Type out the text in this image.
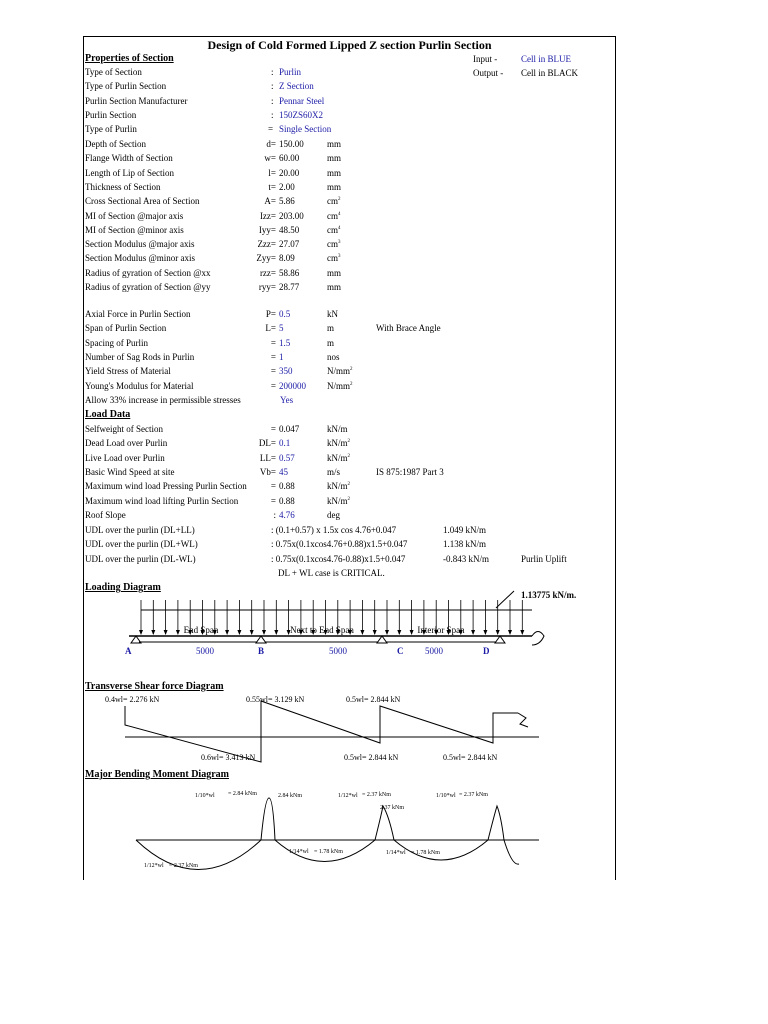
Design of Cold Formed Lipped Z section Purlin Section
Input -	Cell in BLUE
Output - Cell in BLACK
Properties of Section
Type of Section	: Purlin
Type of Purlin Section	: Z Section
Purlin Section Manufacturer	: Pennar Steel
Purlin Section	: 150ZS60X2
Type of Purlin	= Single Section
Depth of Section	d= 150.00	mm
Flange Width of Section	w= 60.00	mm
Length of Lip of Section	l= 20.00	mm
Thickness of Section	t= 2.00	mm
Cross Sectional Area of Section	A= 5.86	$cm^2$
MI of Section @major axis	Izz= 203.00	$cm^4$
MI of Section @minor axis	Iyy= 48.50	$cm^4$
Section Modulus @major axis	Zzz= 27.07	$cm^3$
Section Modulus @minor axis	Zyy= 8.09	$cm^3$
Radius of gyration of Section @xx	rzz= 58.86	mm
Radius of gyration of Section @yy	ryy= 28.77	mm
Axial Force in Purlin Section	P= 0.5	kN
Span of Purlin Section	L= 5	m	With Brace Angle
Spacing of Purlin	= 1.5	m
Number of Sag Rods in Purlin	= 1	nos
Yield Stress of Material	= 350	$N/mm^2$
Young's Modulus for Material	= 200000 $N/mm^2$
Allow 33% increase in permissible stresses	Yes
Load Data
Selfweight of Section	= 0.047	kN/m
Dead Load over Purlin	DL= 0.1	$kN/m^2$
Live Load over Purlin	LL= 0.57	$kN/m^2$
Basic Wind Speed at site	Vb= 45	m/s	IS 875:1987 Part 3
Maximum wind load Pressing Purlin Section	= 0.88	$kN/m^2$
Maximum wind load lifting Purlin Section	= 0.88	$kN/m^2$
Roof Slope	: 4.76	deg
UDL over the purlin (DL+LL)	: (0.1+0.57) x 1.5x cos 4.76+0.047	1.049 kN/m
UDL over the purlin (DL+WL)	: 0.75x(0.1xcos4.76+0.88)x1.5+0.047	1.138 kN/m
UDL over the purlin (DL-WL)	: 0.75x(0.1xcos4.76-0.88)x1.5+0.047	-0.843 kN/m	Purlin Uplift
DL + WL case is CRITICAL.
Loading Diagram
Transverse Shear force Diagram
Major Bending Moment Diagram
1.13775 kN/m.
End Span	Next to End Span	Interior Span
5000	5000	5000
A	B	C	D
0.4wl= 2.276 kN	0.55wl= 3.129 kN	0.5wl= 2.844 kN
0.6wl= 3.413 kN	0.5wl= 2.844 kN	0.5wl= 2.844 kN
1/10*wl = 2.84 kNm	2.84 kNm	1/12*wl = 2.37 kNm	1/10*wl = 2.37 kNm
2.37 kNm
1/12*wl = 2.37 kNm
1/14*wl = 1.78 kNm	1/14*wl = 1.78 kNm
